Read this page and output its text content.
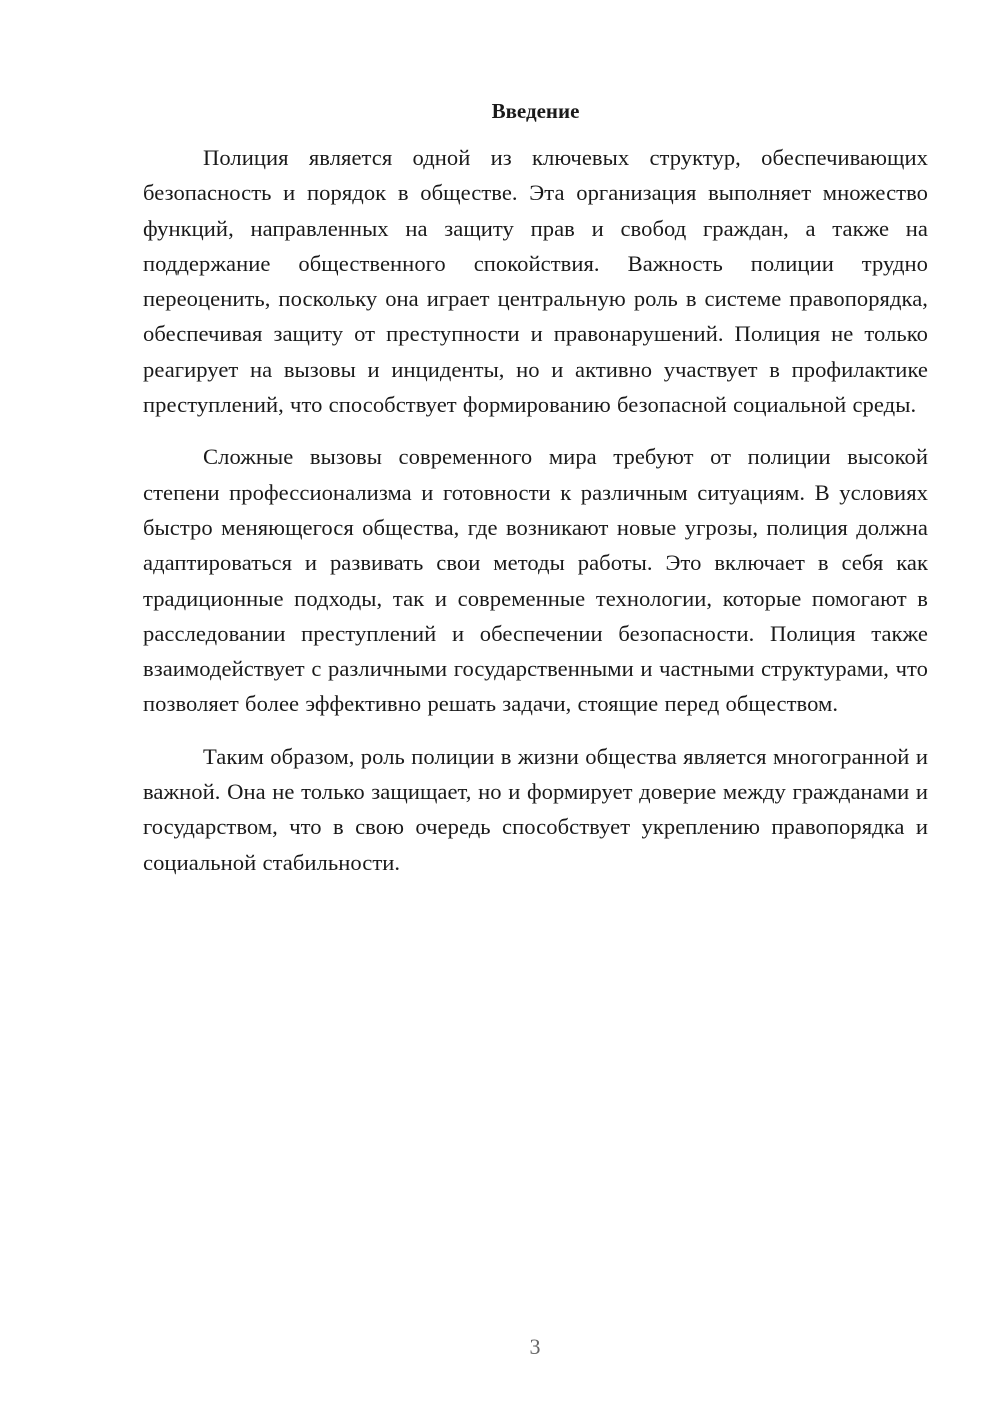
Введение

Полиция является одной из ключевых структур, обеспечивающих безопасность и порядок в обществе. Эта организация выполняет множество функций, направленных на защиту прав и свобод граждан, а также на поддержание общественного спокойствия. Важность полиции трудно переоценить, поскольку она играет центральную роль в системе правопорядка, обеспечивая защиту от преступности и правонарушений. Полиция не только реагирует на вызовы и инциденты, но и активно участвует в профилактике преступлений, что способствует формированию безопасной социальной среды.

Сложные вызовы современного мира требуют от полиции высокой степени профессионализма и готовности к различным ситуациям. В условиях быстро меняющегося общества, где возникают новые угрозы, полиция должна адаптироваться и развивать свои методы работы. Это включает в себя как традиционные подходы, так и современные технологии, которые помогают в расследовании преступлений и обеспечении безопасности. Полиция также взаимодействует с различными государственными и частными структурами, что позволяет более эффективно решать задачи, стоящие перед обществом.

Таким образом, роль полиции в жизни общества является многогранной и важной. Она не только защищает, но и формирует доверие между гражданами и государством, что в свою очередь способствует укреплению правопорядка и социальной стабильности.

3
